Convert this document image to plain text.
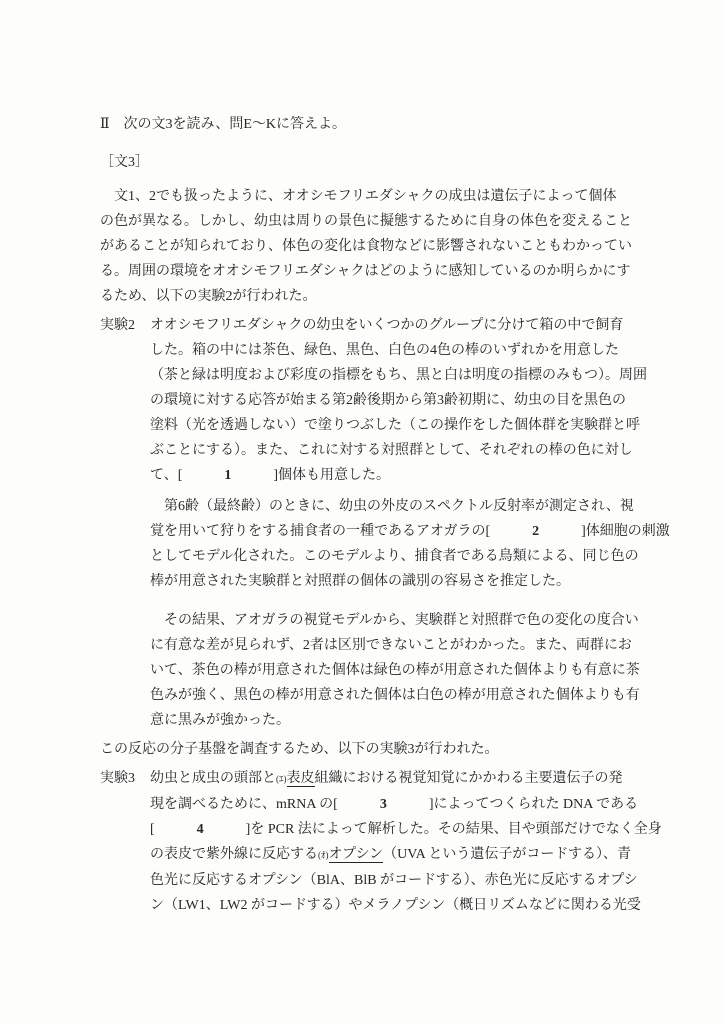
Ⅱ　次の文3を読み、問E～Kに答えよ。
［文3］
　文1、2でも扱ったように、オオシモフリエダシャクの成虫は遺伝子によって個体
の色が異なる。しかし、幼虫は周りの景色に擬態するために自身の体色を変えること
があることが知られており、体色の変化は食物などに影響されないこともわかってい
る。周囲の環境をオオシモフリエダシャクはどのように感知しているのか明らかにす
るため、以下の実験2が行われた。
実験2 オオシモフリエダシャクの幼虫をいくつかのグループに分けて箱の中で飼育
した。箱の中には茶色、緑色、黒色、白色の4色の棒のいずれかを用意した
（茶と緑は明度および彩度の指標をもち、黒と白は明度の指標のみもつ）。周囲
の環境に対する応答が始まる第2齢後期から第3齢初期に、幼虫の目を黒色の
塗料（光を透過しない）で塗りつぶした（この操作をした個体群を実験群と呼
ぶことにする）。また、これに対する対照群として、それぞれの棒の色に対し
て、[　　　1　　　]個体も用意した。
　第6齢（最終齢）のときに、幼虫の外皮のスペクトル反射率が測定され、視
覚を用いて狩りをする捕食者の一種であるアオガラの[　　　2　　　]体細胞の刺激
としてモデル化された。このモデルより、捕食者である鳥類による、同じ色の
棒が用意された実験群と対照群の個体の識別の容易さを推定した。
　その結果、アオガラの視覚モデルから、実験群と対照群で色の変化の度合い
に有意な差が見られず、2者は区別できないことがわかった。また、両群にお
いて、茶色の棒が用意された個体は緑色の棒が用意された個体よりも有意に茶
色みが強く、黒色の棒が用意された個体は白色の棒が用意された個体よりも有
意に黒みが強かった。
この反応の分子基盤を調査するため、以下の実験3が行われた。
実験3 幼虫と成虫の頭部と(ｴ)表皮組織における視覚知覚にかかわる主要遺伝子の発
現を調べるために、mRNA の[　　　3　　　]によってつくられた DNA である
[　　　4　　　]を PCR 法によって解析した。その結果、目や頭部だけでなく全身
の表皮で紫外線に反応する(ｵ)オプシン（UVA という遺伝子がコードする）、青
色光に反応するオプシン（BlA、BlB がコードする）、赤色光に反応するオプシ
ン（LW1、LW2 がコードする）やメラノプシン（概日リズムなどに関わる光受
